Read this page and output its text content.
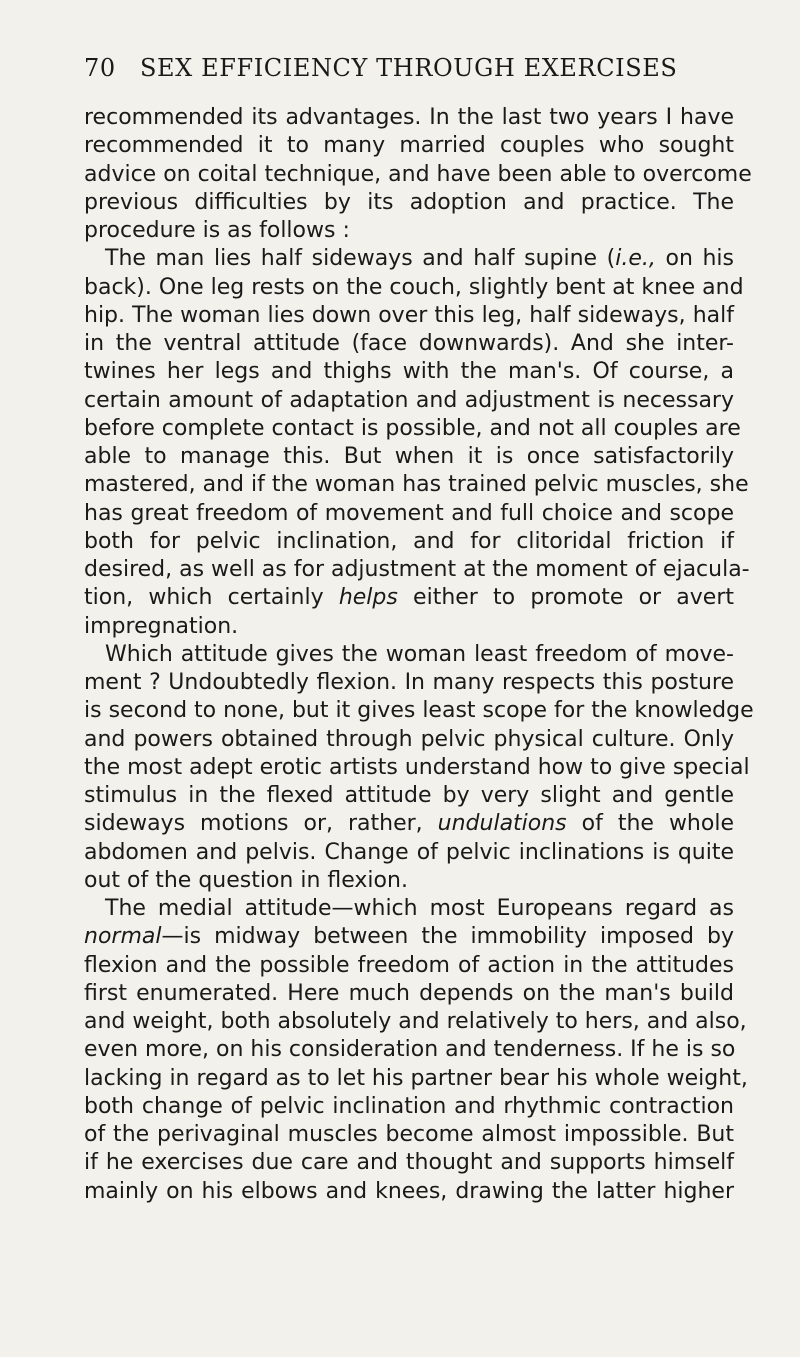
70 SEX EFFICIENCY THROUGH EXERCISES
recommended its advantages. In the last two years I have
recommended it to many married couples who sought
advice on coital technique, and have been able to overcome
previous difficulties by its adoption and practice. The
procedure is as follows :
The man lies half sideways and half supine (i.e., on his
back). One leg rests on the couch, slightly bent at knee and
hip. The woman lies down over this leg, half sideways, half
in the ventral attitude (face downwards). And she inter-
twines her legs and thighs with the man's. Of course, a
certain amount of adaptation and adjustment is necessary
before complete contact is possible, and not all couples are
able to manage this. But when it is once satisfactorily
mastered, and if the woman has trained pelvic muscles, she
has great freedom of movement and full choice and scope
both for pelvic inclination, and for clitoridal friction if
desired, as well as for adjustment at the moment of ejacula-
tion, which certainly helps either to promote or avert
impregnation.
Which attitude gives the woman least freedom of move-
ment ? Undoubtedly flexion. In many respects this posture
is second to none, but it gives least scope for the knowledge
and powers obtained through pelvic physical culture. Only
the most adept erotic artists understand how to give special
stimulus in the flexed attitude by very slight and gentle
sideways motions or, rather, undulations of the whole
abdomen and pelvis. Change of pelvic inclinations is quite
out of the question in flexion.
The medial attitude—which most Europeans regard as
normal—is midway between the immobility imposed by
flexion and the possible freedom of action in the attitudes
first enumerated. Here much depends on the man's build
and weight, both absolutely and relatively to hers, and also,
even more, on his consideration and tenderness. If he is so
lacking in regard as to let his partner bear his whole weight,
both change of pelvic inclination and rhythmic contraction
of the perivaginal muscles become almost impossible. But
if he exercises due care and thought and supports himself
mainly on his elbows and knees, drawing the latter higher
